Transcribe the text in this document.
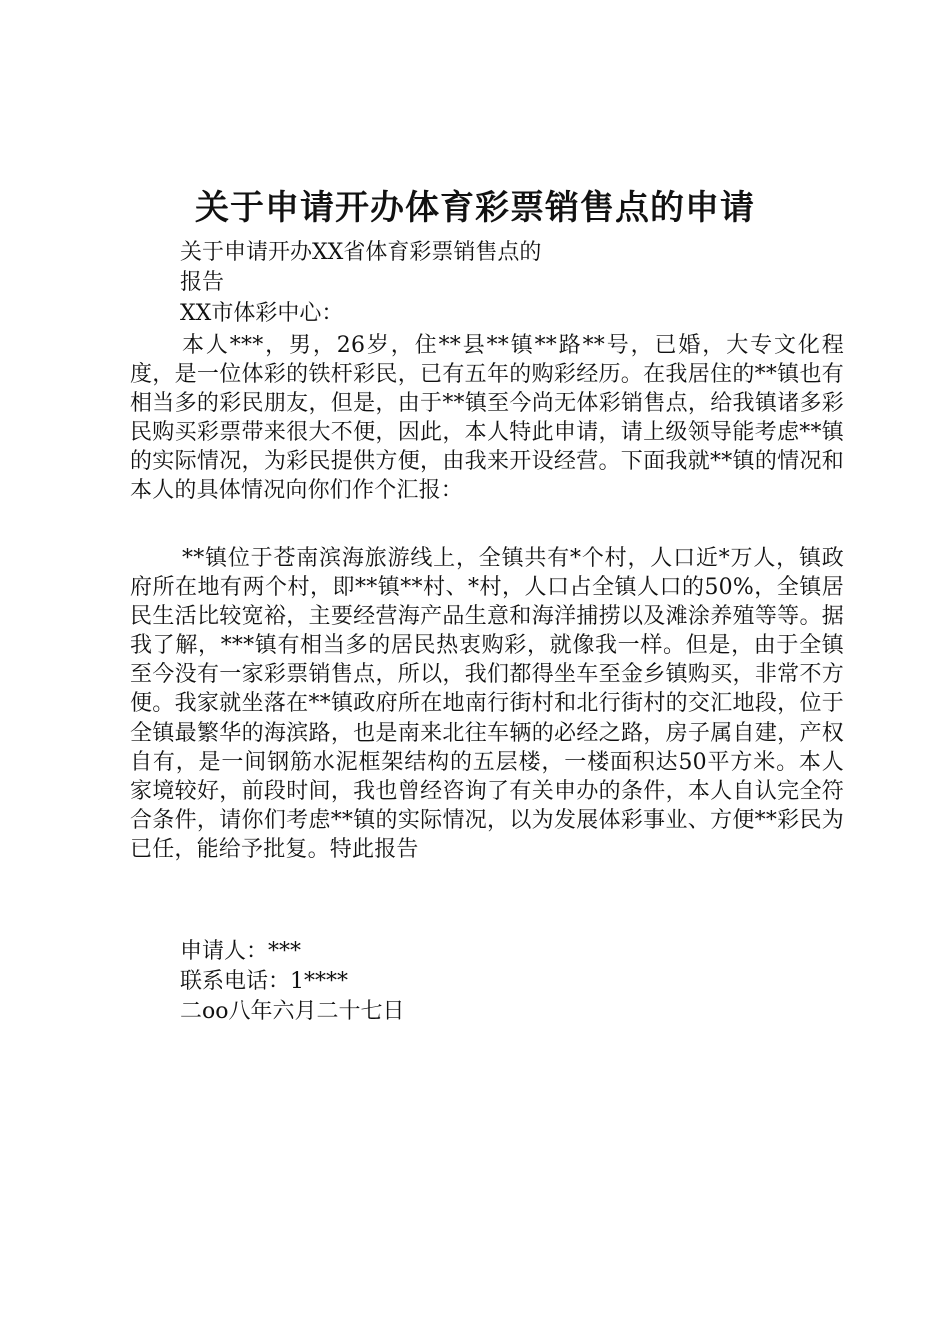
关于申请开办体育彩票销售点的申请
关于申请开办XX省体育彩票销售点的
报告
XX市体彩中心：
本人***，男，26岁，住**县**镇**路**号，已婚，大专文化程度，是一位体彩的铁杆彩民，已有五年的购彩经历。在我居住的**镇也有相当多的彩民朋友，但是，由于**镇至今尚无体彩销售点，给我镇诸多彩民购买彩票带来很大不便，因此，本人特此申请，请上级领导能考虑**镇的实际情况，为彩民提供方便，由我来开设经营。下面我就**镇的情况和本人的具体情况向你们作个汇报：
**镇位于苍南滨海旅游线上，全镇共有*个村，人口近*万人，镇政府所在地有两个村，即**镇**村、*村，人口占全镇人口的50%，全镇居民生活比较宽裕，主要经营海产品生意和海洋捕捞以及滩涂养殖等等。据我了解，***镇有相当多的居民热衷购彩，就像我一样。但是，由于全镇至今没有一家彩票销售点，所以，我们都得坐车至金乡镇购买，非常不方便。我家就坐落在**镇政府所在地南行街村和北行街村的交汇地段，位于全镇最繁华的海滨路，也是南来北往车辆的必经之路，房子属自建，产权自有，是一间钢筋水泥框架结构的五层楼，一楼面积达50平方米。本人家境较好，前段时间，我也曾经咨询了有关申办的条件，本人自认完全符合条件，请你们考虑**镇的实际情况，以为发展体彩事业、方便**彩民为已任，能给予批复。特此报告
申请人：***
联系电话：1****
二oo八年六月二十七日
